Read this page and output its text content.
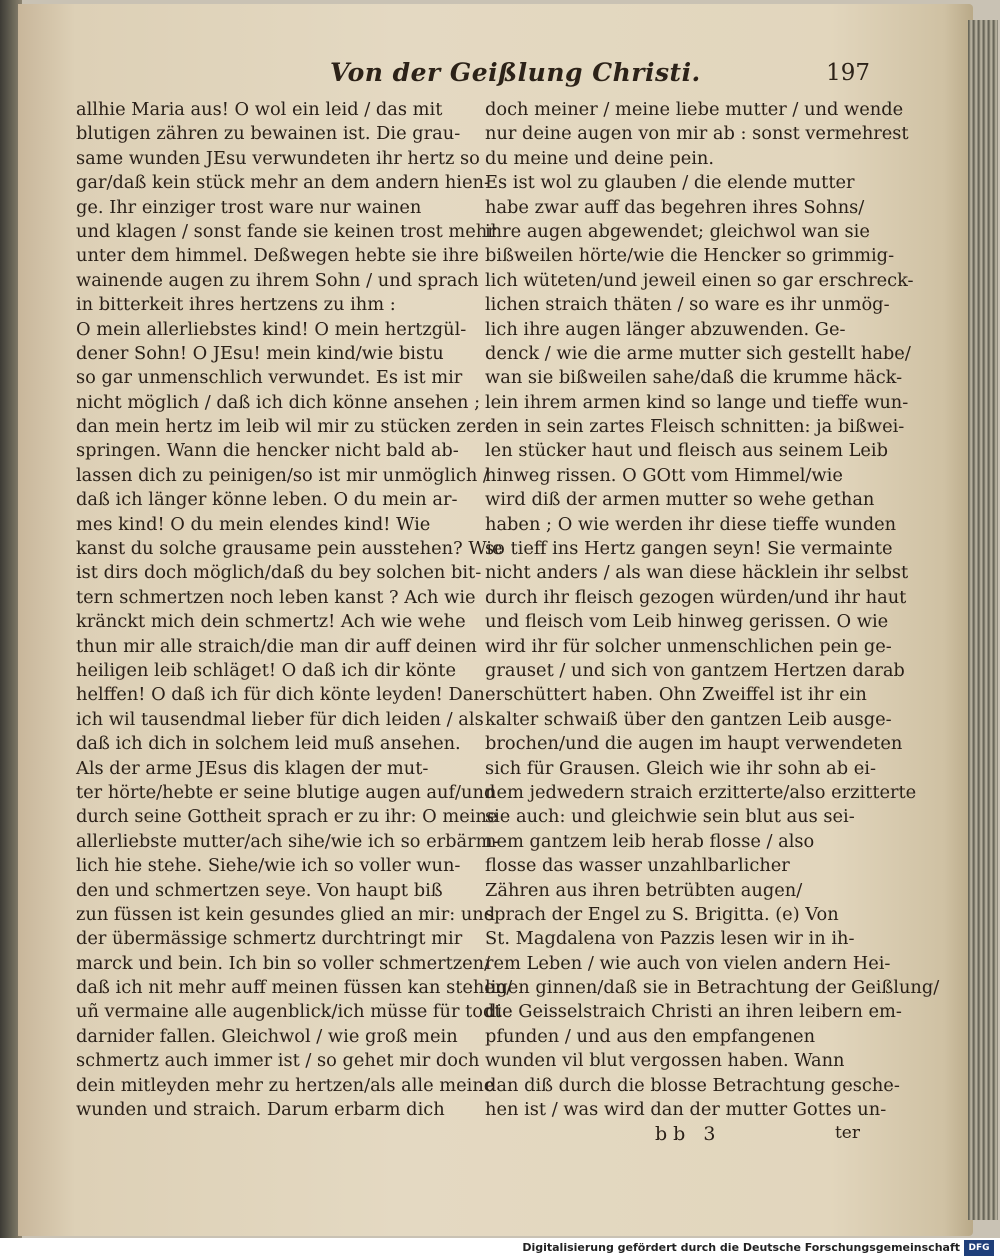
Von der Geißlung Christi.	197
allhie Maria aus! O wol ein leid / das mit
blutigen zähren zu bewainen ist. Die grau-
same wunden JEsu verwundeten ihr hertz so
gar/daß kein stück mehr an dem andern hien-
ge. Ihr einziger trost ware nur wainen
und klagen / sonst fande sie keinen trost mehr
unter dem himmel. Deßwegen hebte sie ihre
wainende augen zu ihrem Sohn / und sprach
in bitterkeit ihres hertzens zu ihm :
O mein allerliebstes kind! O mein hertzgül-
dener Sohn! O JEsu! mein kind/wie bistu
so gar unmenschlich verwundet. Es ist mir
nicht möglich / daß ich dich könne ansehen ;
dan mein hertz im leib wil mir zu stücken zer-
springen. Wann die hencker nicht bald ab-
lassen dich zu peinigen/so ist mir unmöglich /
daß ich länger könne leben. O du mein ar-
mes kind! O du mein elendes kind! Wie
kanst du solche grausame pein ausstehen? Wie
ist dirs doch möglich/daß du bey solchen bit-
tern schmertzen noch leben kanst ? Ach wie
kränckt mich dein schmertz! Ach wie wehe
thun mir alle straich/die man dir auff deinen
heiligen leib schläget! O daß ich dir könte
helffen! O daß ich für dich könte leyden! Dan
ich wil tausendmal lieber für dich leiden / als
daß ich dich in solchem leid muß ansehen.
Als der arme JEsus dis klagen der mut-
ter hörte/hebte er seine blutige augen auf/und
durch seine Gottheit sprach er zu ihr: O meine
allerliebste mutter/ach sihe/wie ich so erbärm-
lich hie stehe. Siehe/wie ich so voller wun-
den und schmertzen seye. Von haupt biß
zun füssen ist kein gesundes glied an mir: und
der übermässige schmertz durchtringt mir
marck und bein. Ich bin so voller schmertzen/
daß ich nit mehr auff meinen füssen kan stehen/
uñ vermaine alle augenblick/ich müsse für todt
darnider fallen. Gleichwol / wie groß mein
schmertz auch immer ist / so gehet mir doch
dein mitleyden mehr zu hertzen/als alle meine
wunden und straich. Darum erbarm dich
doch meiner / meine liebe mutter / und wende
nur deine augen von mir ab : sonst vermehrest
du meine und deine pein.
Es ist wol zu glauben / die elende mutter
habe zwar auff das begehren ihres Sohns/
ihre augen abgewendet; gleichwol wan sie
bißweilen hörte/wie die Hencker so grimmig-
lich wüteten/und jeweil einen so gar erschreck-
lichen straich thäten / so ware es ihr unmög-
lich ihre augen länger abzuwenden. Ge-
denck / wie die arme mutter sich gestellt habe/
wan sie bißweilen sahe/daß die krumme häck-
lein ihrem armen kind so lange und tieffe wun-
den in sein zartes Fleisch schnitten: ja bißwei-
len stücker haut und fleisch aus seinem Leib
hinweg rissen. O GOtt vom Himmel/wie
wird diß der armen mutter so wehe gethan
haben ; O wie werden ihr diese tieffe wunden
so tieff ins Hertz gangen seyn! Sie vermainte
nicht anders / als wan diese häcklein ihr selbst
durch ihr fleisch gezogen würden/und ihr haut
und fleisch vom Leib hinweg gerissen. O wie
wird ihr für solcher unmenschlichen pein ge-
grauset / und sich von gantzem Hertzen darab
erschüttert haben. Ohn Zweiffel ist ihr ein
kalter schwaiß über den gantzen Leib ausge-
brochen/und die augen im haupt verwendeten
sich für Grausen. Gleich wie ihr sohn ab ei-
nem jedwedern straich erzitterte/also erzitterte
sie auch: und gleichwie sein blut aus sei-
nem gantzem leib herab flosse / also
flosse das wasser unzahlbarlicher
Zähren aus ihren betrübten augen/
sprach der Engel zu S. Brigitta. (e) Von
St. Magdalena von Pazzis lesen wir in ih-
rem Leben / wie auch von vielen andern Hei-
ligen ginnen/daß sie in Betrachtung der Geißlung/
die Geisselstraich Christi an ihren leibern em-
pfunden / und aus den empfangenen
wunden vil blut vergossen haben. Wann
dan diß durch die blosse Betrachtung gesche-
hen ist / was wird dan der mutter Gottes un-
bb 3	ter
Digitalisierung gefördert durch die Deutsche Forschungsgemeinschaft DFG
